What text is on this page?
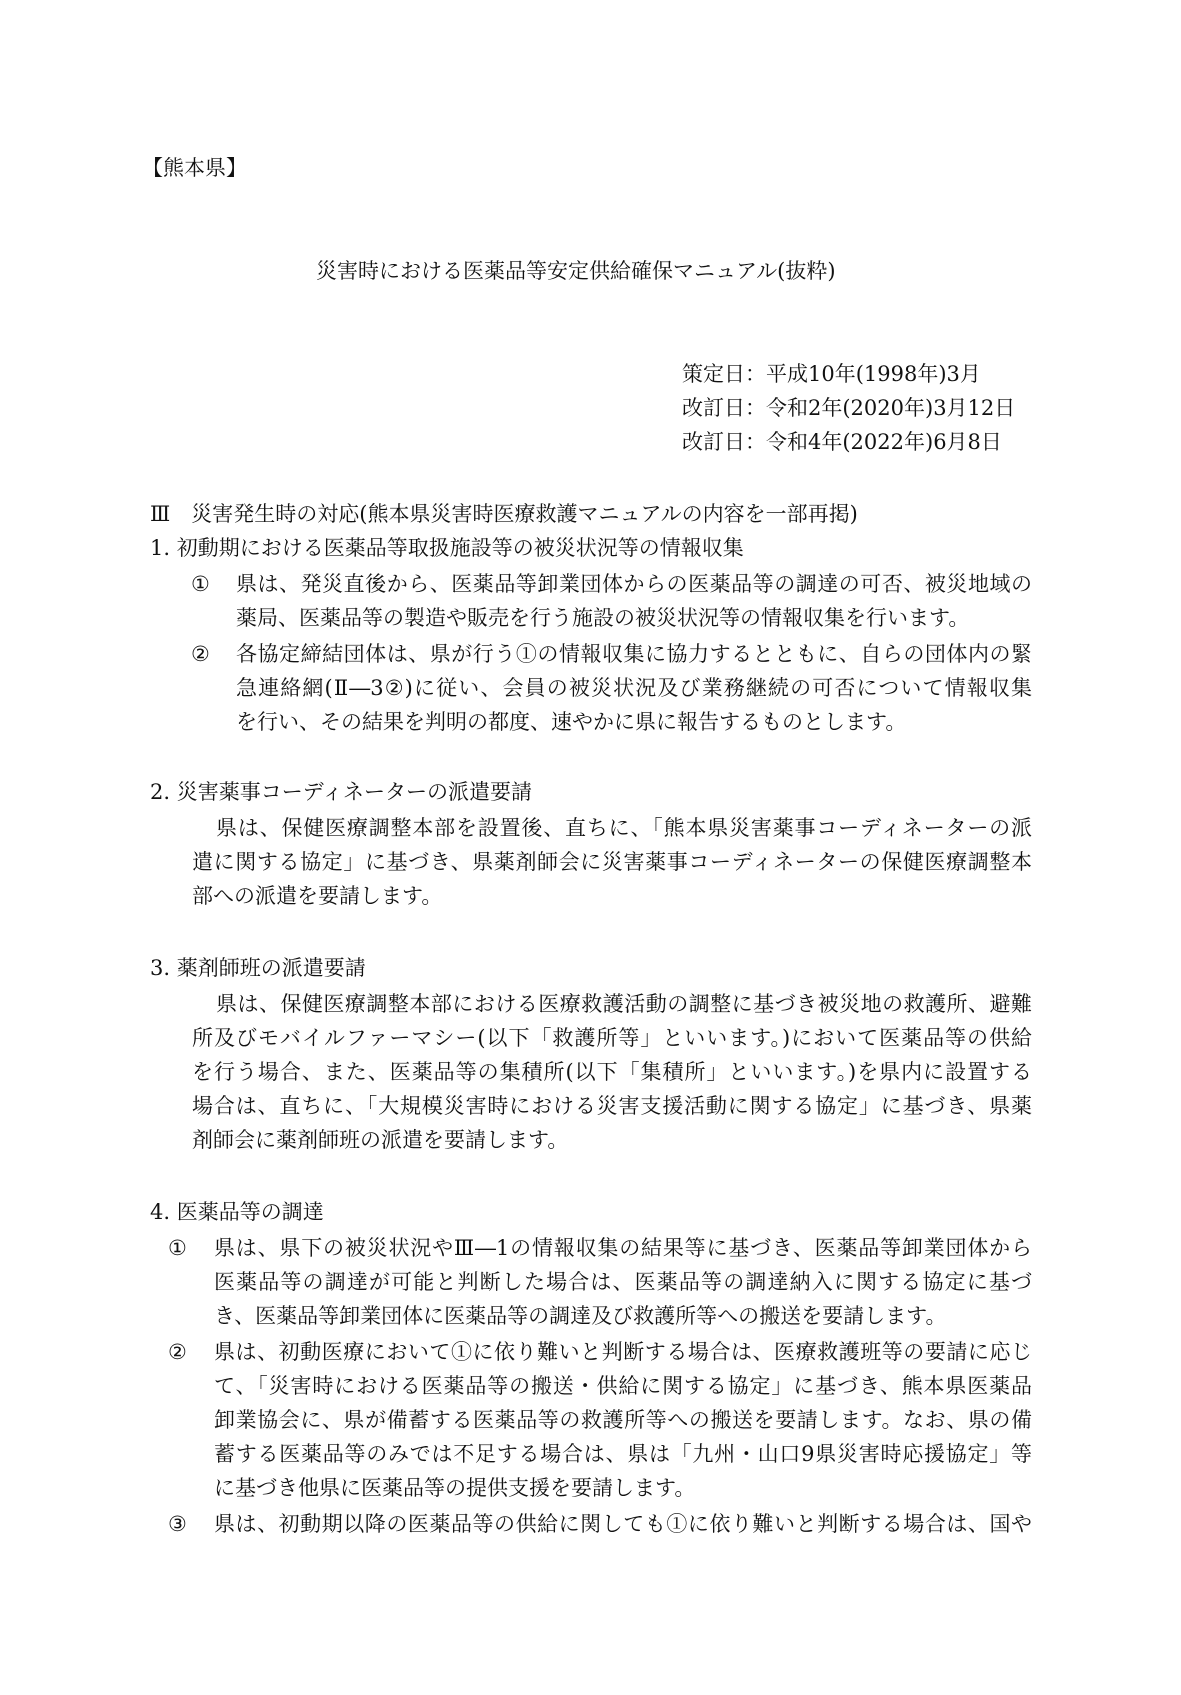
【熊本県】
災害時における医薬品等安定供給確保マニュアル(抜粋)
策定日：平成10年(1998年)3月
改訂日：令和2年(2020年)3月12日
改訂日：令和4年(2022年)6月8日
Ⅲ　災害発生時の対応(熊本県災害時医療救護マニュアルの内容を一部再掲)
1. 初動期における医薬品等取扱施設等の被災状況等の情報収集
① 県は、発災直後から、医薬品等卸業団体からの医薬品等の調達の可否、被災地域の
薬局、医薬品等の製造や販売を行う施設の被災状況等の情報収集を行います。
② 各協定締結団体は、県が行う①の情報収集に協力するとともに、自らの団体内の緊
急連絡網(Ⅱ―3②)に従い、会員の被災状況及び業務継続の可否について情報収集
を行い、その結果を判明の都度、速やかに県に報告するものとします。
2. 災害薬事コーディネーターの派遣要請
県は、保健医療調整本部を設置後、直ちに、「熊本県災害薬事コーディネーターの派
遣に関する協定」に基づき、県薬剤師会に災害薬事コーディネーターの保健医療調整本
部への派遣を要請します。
3. 薬剤師班の派遣要請
県は、保健医療調整本部における医療救護活動の調整に基づき被災地の救護所、避難
所及びモバイルファーマシー(以下「救護所等」といいます。)において医薬品等の供給
を行う場合、また、医薬品等の集積所(以下「集積所」といいます。)を県内に設置する
場合は、直ちに、「大規模災害時における災害支援活動に関する協定」に基づき、県薬
剤師会に薬剤師班の派遣を要請します。
4. 医薬品等の調達
① 県は、県下の被災状況やⅢ―1の情報収集の結果等に基づき、医薬品等卸業団体から
医薬品等の調達が可能と判断した場合は、医薬品等の調達納入に関する協定に基づ
き、医薬品等卸業団体に医薬品等の調達及び救護所等への搬送を要請します。
② 県は、初動医療において①に依り難いと判断する場合は、医療救護班等の要請に応じ
て、「災害時における医薬品等の搬送・供給に関する協定」に基づき、熊本県医薬品
卸業協会に、県が備蓄する医薬品等の救護所等への搬送を要請します。なお、県の備
蓄する医薬品等のみでは不足する場合は、県は「九州・山口9県災害時応援協定」等
に基づき他県に医薬品等の提供支援を要請します。
③ 県は、初動期以降の医薬品等の供給に関しても①に依り難いと判断する場合は、国や
